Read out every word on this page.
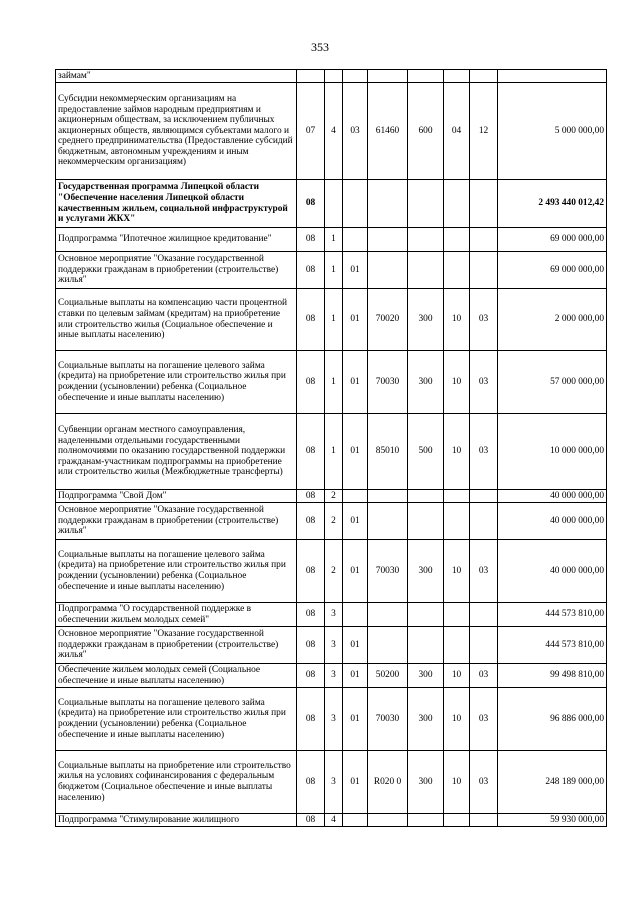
353
займам"								
Субсидии некоммерческим организациям на предоставление займов народным предприятиям и акционерным обществам, за исключением публичных акционерных обществ, являющимся субъектами малого и среднего предпринимательства (Предоставление субсидий бюджетным, автономным учреждениям и иным некоммерческим организациям)	07	4	03	61460	600	04	12	5 000 000,00
Государственная программа Липецкой области "Обеспечение населения Липецкой области качественным жильем, социальной инфраструктурой и услугами ЖКХ"	08							2 493 440 012,42
Подпрограмма "Ипотечное жилищное кредитование"	08	1						69 000 000,00
Основное мероприятие "Оказание государственной поддержки гражданам в приобретении (строительстве) жилья"	08	1	01					69 000 000,00
Социальные выплаты на компенсацию части процентной ставки по целевым займам (кредитам) на приобретение или строительство жилья (Социальное обеспечение и иные выплаты населению)	08	1	01	70020	300	10	03	2 000 000,00
Социальные выплаты на погашение целевого займа (кредита) на приобретение или строительство жилья при рождении (усыновлении) ребенка (Социальное обеспечение и иные выплаты населению)	08	1	01	70030	300	10	03	57 000 000,00
Субвенции органам местного самоуправления, наделенными отдельными государственными полномочиями по оказанию государственной поддержки гражданам-участникам подпрограммы на приобретение или строительство жилья (Межбюджетные трансферты)	08	1	01	85010	500	10	03	10 000 000,00
Подпрограмма "Свой Дом"	08	2						40 000 000,00
Основное мероприятие "Оказание государственной поддержки гражданам в приобретении (строительстве) жилья"	08	2	01					40 000 000,00
Социальные выплаты на погашение целевого займа (кредита) на приобретение или строительство жилья при рождении (усыновлении) ребенка (Социальное обеспечение и иные выплаты населению)	08	2	01	70030	300	10	03	40 000 000,00
Подпрограмма "О государственной поддержке в обеспечении жильем молодых семей"	08	3						444 573 810,00
Основное мероприятие "Оказание государственной поддержки гражданам в приобретении (строительстве) жилья"	08	3	01					444 573 810,00
Обеспечение жильем молодых семей (Социальное обеспечение и иные выплаты населению)	08	3	01	50200	300	10	03	99 498 810,00
Социальные выплаты на погашение целевого займа (кредита) на приобретение или строительство жилья при рождении (усыновлении) ребенка (Социальное обеспечение и иные выплаты населению)	08	3	01	70030	300	10	03	96 886 000,00
Социальные выплаты на приобретение или строительство жилья на условиях софинансирования с федеральным бюджетом (Социальное обеспечение и иные выплаты населению)	08	3	01	R020 0	300	10	03	248 189 000,00
Подпрограмма "Стимулирование жилищного	08	4						59 930 000,00
